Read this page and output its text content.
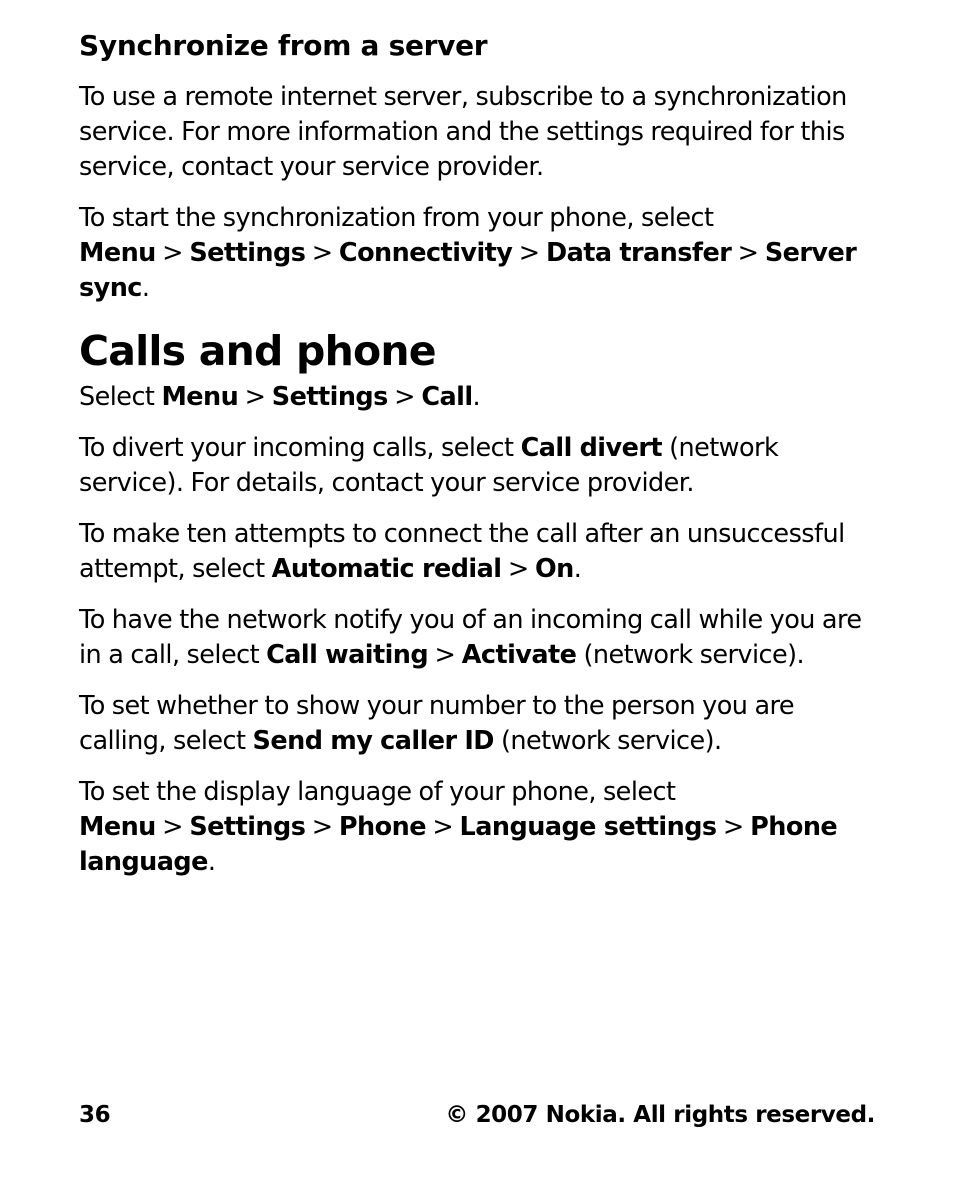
Synchronize from a server

To use a remote internet server, subscribe to a synchronization service. For more information and the settings required for this service, contact your service provider.

To start the synchronization from your phone, select Menu > Settings > Connectivity > Data transfer > Server sync.

Calls and phone

Select Menu > Settings > Call.

To divert your incoming calls, select Call divert (network service). For details, contact your service provider.

To make ten attempts to connect the call after an unsuccessful attempt, select Automatic redial > On.

To have the network notify you of an incoming call while you are in a call, select Call waiting > Activate (network service).

To set whether to show your number to the person you are calling, select Send my caller ID (network service).

To set the display language of your phone, select Menu > Settings > Phone > Language settings > Phone language.

36	© 2007 Nokia. All rights reserved.
